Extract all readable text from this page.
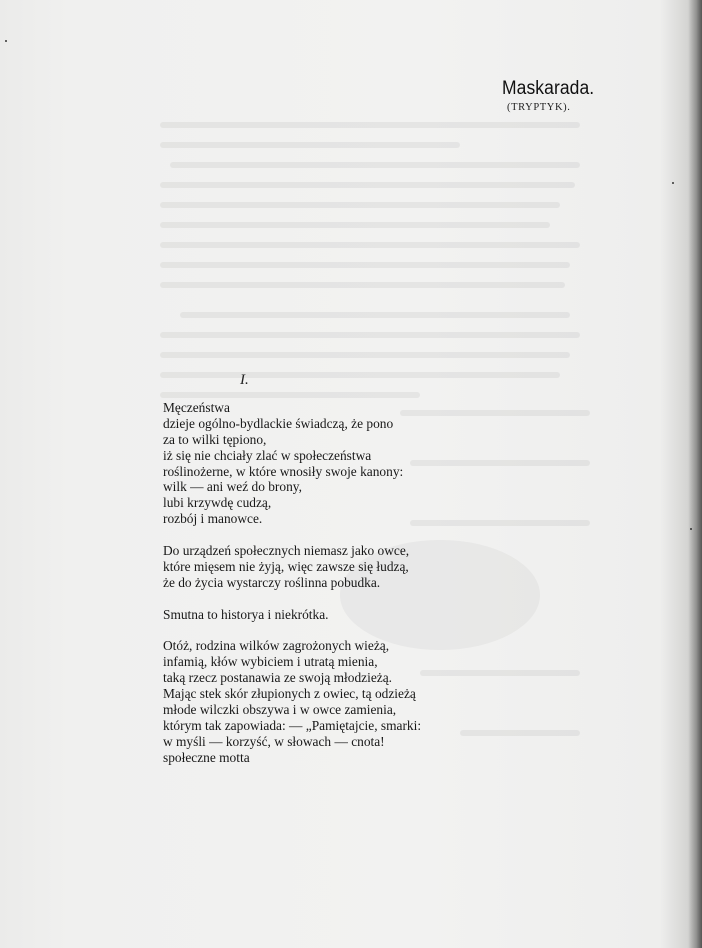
Maskarada.
(TRYPTYK).
I.
Męczeństwa
dzieje ogólno-bydlackie świadczą, że pono
za to wilki tępiono,
iż się nie chciały zlać w społeczeństwa
roślinożerne, w które wnosiły swoje kanony:
wilk — ani weź do brony,
lubi krzywdę cudzą,
rozbój i manowce.
Do urządzeń społecznych niemasz jako owce,
które mięsem nie żyją, więc zawsze się łudzą,
że do życia wystarczy roślinna pobudka.
Smutna to historya i niekrótka.
Otóż, rodzina wilków zagrożonych wieżą,
infamią, kłów wybiciem i utratą mienia,
taką rzecz postanawia ze swoją młodzieżą.
Mając stek skór złupionych z owiec, tą odzieżą
młode wilczki obszywa i w owce zamienia,
którym tak zapowiada: — „Pamiętajcie, smarki:
w myśli — korzyść, w słowach — cnota!
społeczne motta
